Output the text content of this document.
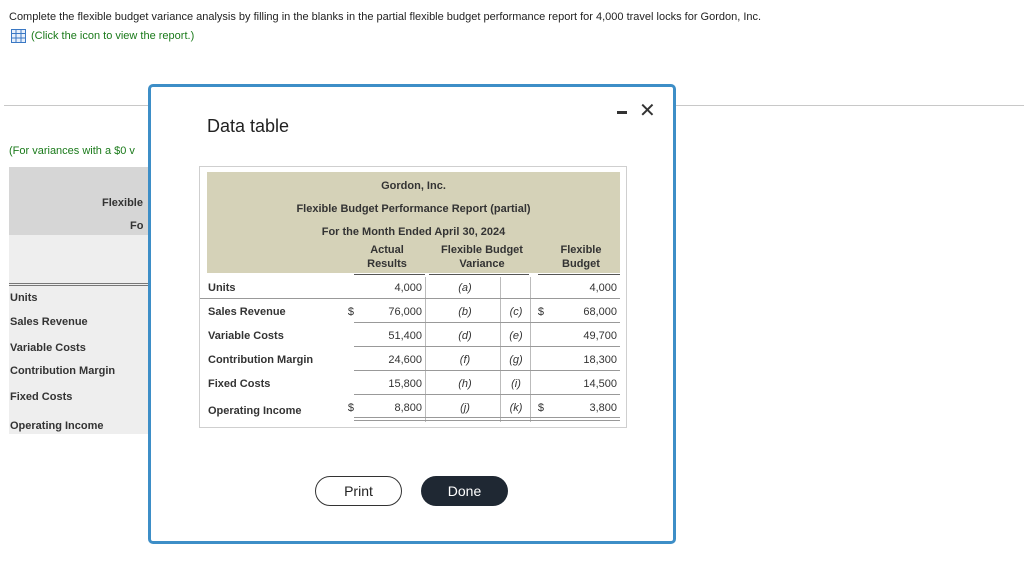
Complete the flexible budget variance analysis by filling in the blanks in the partial flexible budget performance report for 4,000 travel locks for Gordon, Inc.
(Click the icon to view the report.)
(For variances with a $0 v
Flexible
Fo
Units
Sales Revenue
Variable Costs
Contribution Margin
Fixed Costs
Operating Income
Data table
✕
Gordon, Inc.
Flexible Budget Performance Report (partial)
For the Month Ended April 30, 2024
Actual
Results
Flexible Budget
Variance
Flexible
Budget
Units	4,000	(a)	4,000
Sales Revenue	$	76,000	(b)	(c)	$	68,000
Variable Costs	51,400	(d)	(e)	49,700
Contribution Margin	24,600	(f)	(g)	18,300
Fixed Costs	15,800	(h)	(i)	14,500
Operating Income	$	8,800	(j)	(k)	$	3,800
Print	Done
